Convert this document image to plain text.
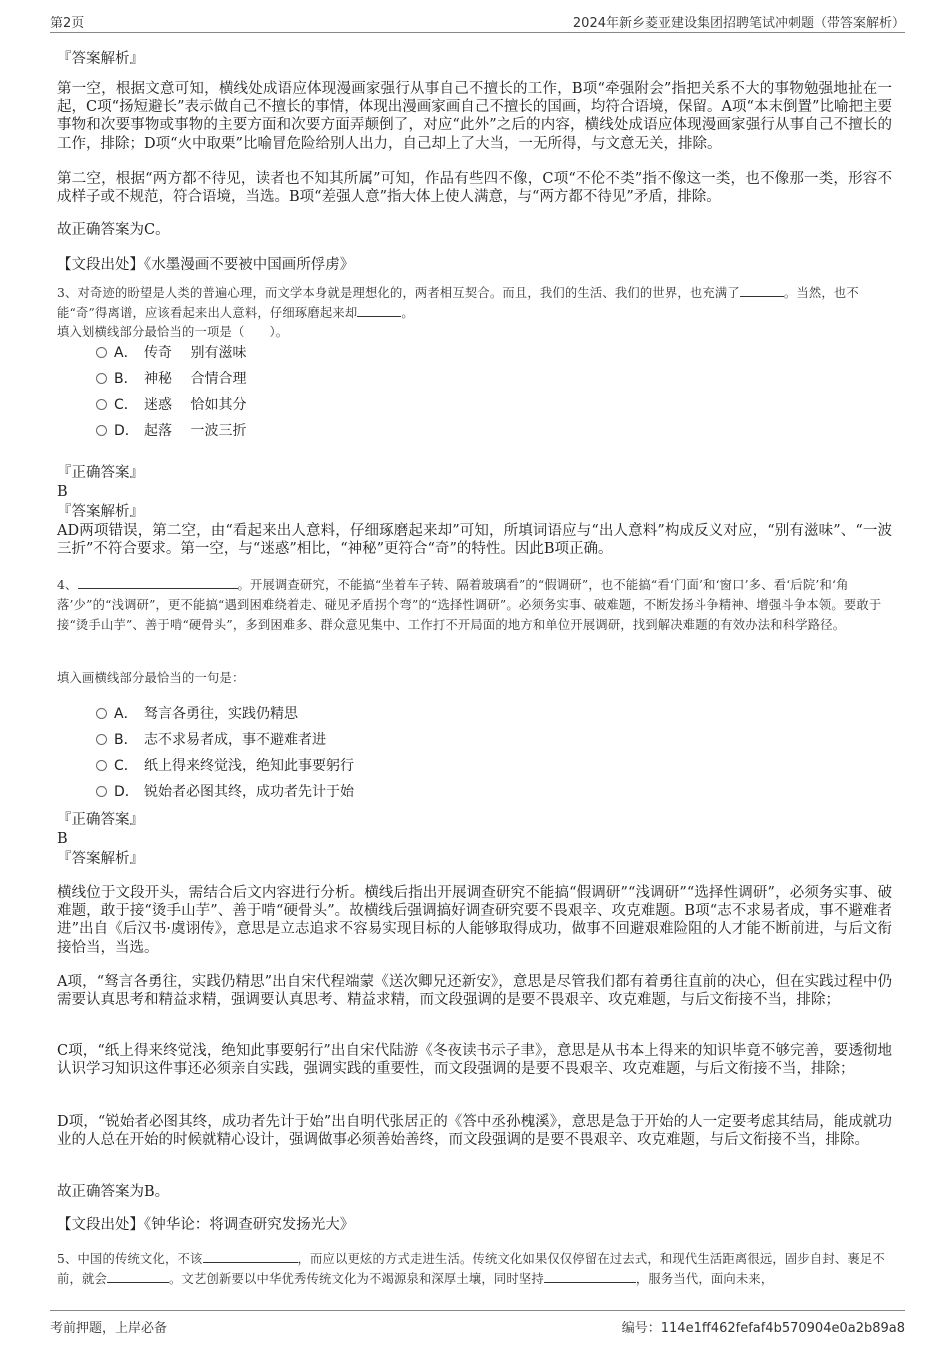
第2页	2024年新乡菱亚建设集团招聘笔试冲刺题（带答案解析）
『答案解析』
第一空，根据文意可知，横线处成语应体现漫画家强行从事自己不擅长的工作，B项“牵强附会”指把关系不大的事物勉强地扯在一起，C项“扬短避长”表示做自己不擅长的事情，体现出漫画家画自己不擅长的国画，均符合语境，保留。A项“本末倒置”比喻把主要事物和次要事物或事物的主要方面和次要方面弄颠倒了，对应“此外”之后的内容，横线处成语应体现漫画家强行从事自己不擅长的工作，排除；D项“火中取栗”比喻冒危险给别人出力，自己却上了大当，一无所得，与文意无关，排除。
第二空，根据“两方都不待见，读者也不知其所属”可知，作品有些四不像，C项“不伦不类”指不像这一类，也不像那一类，形容不成样子或不规范，符合语境，当选。B项“差强人意”指大体上使人满意，与“两方都不待见”矛盾，排除。
故正确答案为C。
【文段出处】《水墨漫画不要被中国画所俘虏》
3、对奇迹的盼望是人类的普遍心理，而文学本身就是理想化的，两者相互契合。而且，我们的生活、我们的世界，也充满了	。当然，也不能“奇”得离谱，应该看起来出人意料，仔细琢磨起来却	。
填入划横线部分最恰当的一项是（　　）。
A． 传奇　 别有滋味
B． 神秘　 合情合理
C． 迷惑　 恰如其分
D． 起落　 一波三折
『正确答案』
B
『答案解析』
AD两项错误，第二空，由“看起来出人意料，仔细琢磨起来却”可知，所填词语应与“出人意料”构成反义对应，“别有滋味”、“一波三折”不符合要求。第一空，与“迷惑”相比，“神秘”更符合“奇”的特性。因此B项正确。
4、	。开展调查研究，不能搞“坐着车子转、隔着玻璃看”的“假调研”，也不能搞“看‘门面’和‘窗口’多、看‘后院’和‘角落’少”的“浅调研”，更不能搞“遇到困难绕着走、碰见矛盾拐个弯”的“选择性调研”。必须务实事、破难题，不断发扬斗争精神、增强斗争本领。要敢于接“烫手山芋”、善于啃“硬骨头”，多到困难多、群众意见集中、工作打不开局面的地方和单位开展调研，找到解决难题的有效办法和科学路径。
填入画横线部分最恰当的一句是：
A． 驽言各勇往，实践仍精思
B． 志不求易者成，事不避难者进
C． 纸上得来终觉浅，绝知此事要躬行
D． 锐始者必图其终，成功者先计于始
『正确答案』
B
『答案解析』
横线位于文段开头，需结合后文内容进行分析。横线后指出开展调查研究不能搞“假调研”“浅调研”“选择性调研”，必须务实事、破难题，敢于接“烫手山芋”、善于啃“硬骨头”。故横线后强调搞好调查研究要不畏艰辛、攻克难题。B项“志不求易者成，事不避难者进”出自《后汉书·虞诩传》，意思是立志追求不容易实现目标的人能够取得成功，做事不回避艰难险阻的人才能不断前进，与后文衔接恰当，当选。
A项，“驽言各勇往，实践仍精思”出自宋代程端蒙《送次卿兄还新安》，意思是尽管我们都有着勇往直前的决心，但在实践过程中仍需要认真思考和精益求精，强调要认真思考、精益求精，而文段强调的是要不畏艰辛、攻克难题，与后文衔接不当，排除；
C项，“纸上得来终觉浅，绝知此事要躬行”出自宋代陆游《冬夜读书示子聿》，意思是从书本上得来的知识毕竟不够完善，要透彻地认识学习知识这件事还必须亲自实践，强调实践的重要性，而文段强调的是要不畏艰辛、攻克难题，与后文衔接不当，排除；
D项，“锐始者必图其终，成功者先计于始”出自明代张居正的《答中丞孙槐溪》，意思是急于开始的人一定要考虑其结局，能成就功业的人总在开始的时候就精心设计，强调做事必须善始善终，而文段强调的是要不畏艰辛、攻克难题，与后文衔接不当，排除。
故正确答案为B。
【文段出处】《钟华论：将调查研究发扬光大》
5、中国的传统文化，不该	，而应以更炫的方式走进生活。传统文化如果仅仅停留在过去式，和现代生活距离很远，固步自封、裹足不前，就会	。文艺创新要以中华优秀传统文化为不竭源泉和深厚土壤，同时坚持	，服务当代，面向未来，
考前押题，上岸必备	编号：114e1ff462fefaf4b570904e0a2b89a8
